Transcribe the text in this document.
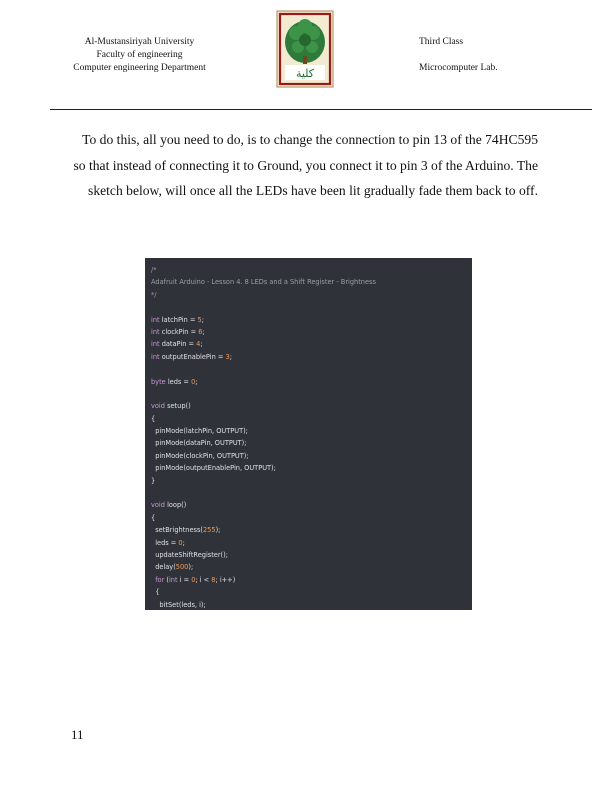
Al-Mustansiriyah University
Faculty of engineering
Computer engineering Department	كلية
Third Class
Microcomputer Lab.
To do this, all you need to do, is to change the connection to pin 13 of the 74HC595 so that instead of connecting it to Ground, you connect it to pin 3 of the Arduino. The sketch below, will once all the LEDs have been lit gradually fade them back to off.
/*
Adafruit Arduino - Lesson 4. 8 LEDs and a Shift Register - Brightness
*/
int latchPin = 5;
int clockPin = 6;
int dataPin = 4;
int outputEnablePin = 3;
byte leds = 0;
void setup()
{
pinMode(latchPin, OUTPUT);
pinMode(dataPin, OUTPUT);
pinMode(clockPin, OUTPUT);
pinMode(outputEnablePin, OUTPUT);
}
void loop()
{
setBrightness(255);
leds = 0;
updateShiftRegister();
delay(500);
for (int i = 0; i < 8; i++)
{
bitSet(leds, i);
11
